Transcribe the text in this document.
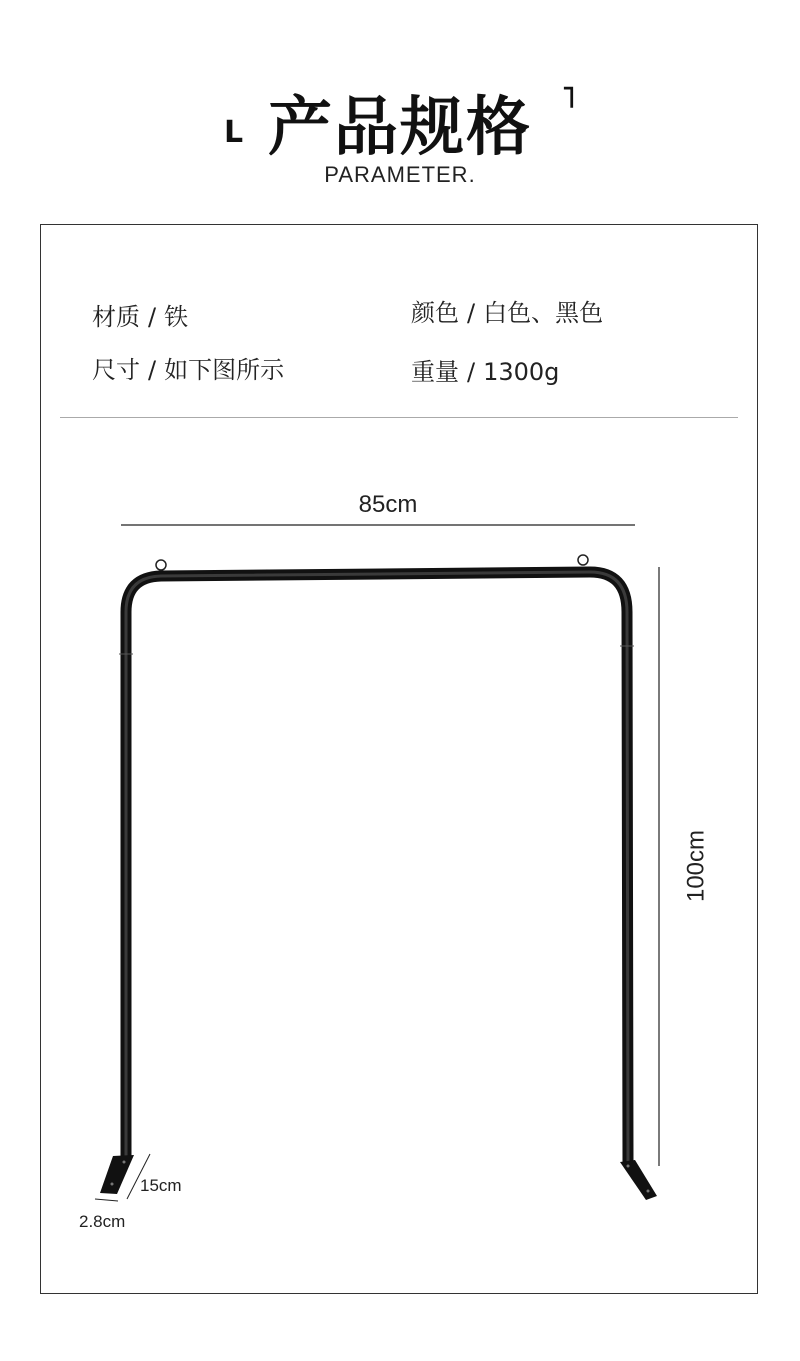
L 产品规格 ˥
PARAMETER.
材质 / 铁	颜色 / 白色、黑色
尺寸 / 如下图所示	重量 / 1300g
85cm
100cm
15cm
2.8cm
